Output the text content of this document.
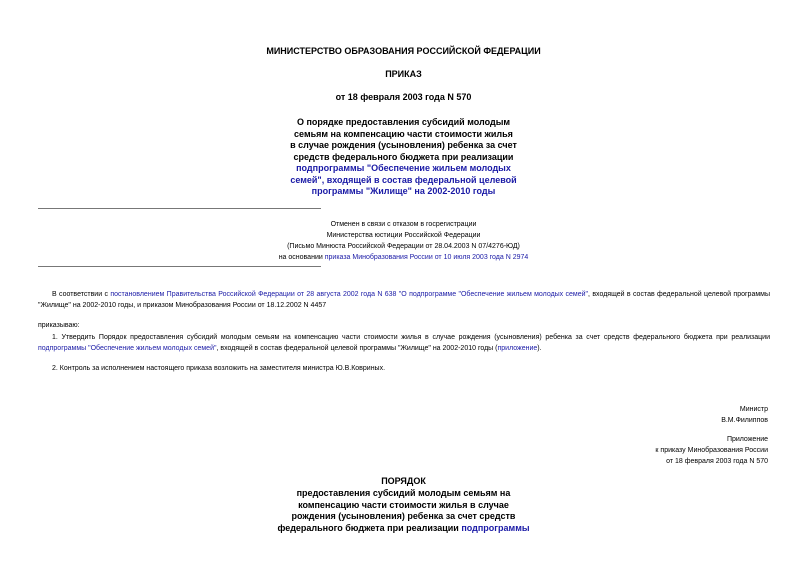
МИНИСТЕРСТВО ОБРАЗОВАНИЯ РОССИЙСКОЙ ФЕДЕРАЦИИ
ПРИКАЗ
от 18 февраля 2003 года N 570
О порядке предоставления субсидий молодым
семьям на компенсацию части стоимости жилья
в случае рождения (усыновления) ребенка за счет
средств федерального бюджета при реализации
подпрограммы "Обеспечение жильем молодых
семей", входящей в состав федеральной целевой
программы "Жилище" на 2002-2010 годы
Отменен в связи с отказом в госрегистрации
Министерства юстиции Российской Федерации
(Письмо Минюста Российской Федерации от 28.04.2003 N 07/4276-ЮД)
на основании приказа Минобразования России от 10 июля 2003 года N 2974
В соответствии с постановлением Правительства Российской Федерации от 28 августа 2002 года N 638 "О подпрограмме "Обеспечение жильем молодых семей", входящей в состав федеральной целевой программы "Жилище" на 2002-2010 годы, и приказом Минобразования России от 18.12.2002 N 4457
приказываю:
1. Утвердить Порядок предоставления субсидий молодым семьям на компенсацию части стоимости жилья в случае рождения (усыновления) ребенка за счет средств федерального бюджета при реализации подпрограммы "Обеспечение жильем молодых семей", входящей в состав федеральной целевой программы "Жилище" на 2002-2010 годы (приложение).
2. Контроль за исполнением настоящего приказа возложить на заместителя министра Ю.В.Ковриных.
Министр
В.М.Филиппов
Приложение
к приказу Минобразования России
от 18 февраля 2003 года N 570
ПОРЯДОК
предоставления субсидий молодым семьям на
компенсацию части стоимости жилья в случае
рождения (усыновления) ребенка за счет средств
федерального бюджета при реализации подпрограммы
